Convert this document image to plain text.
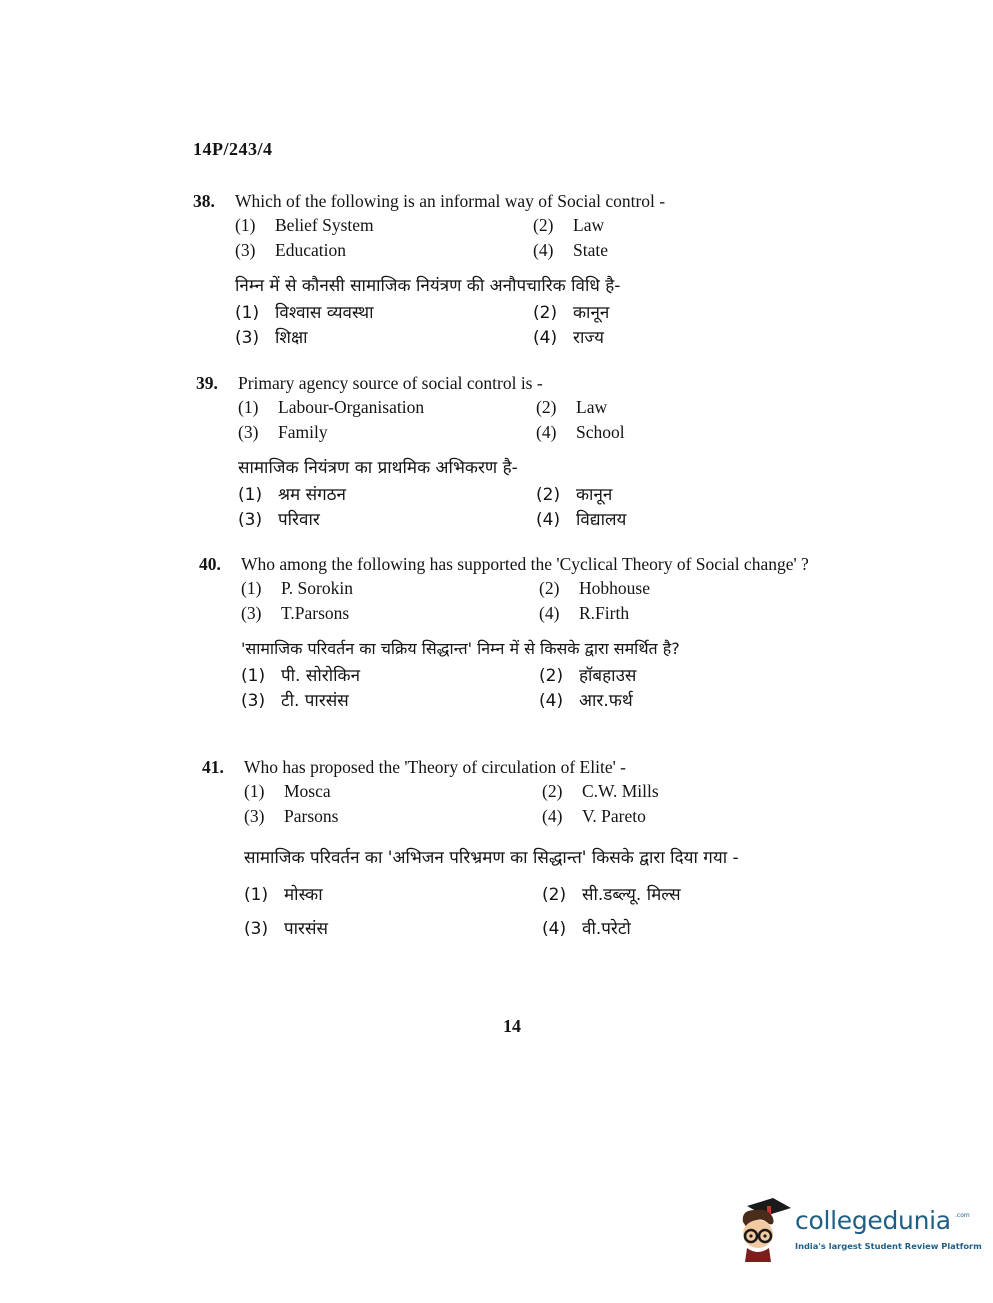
14P/243/4
38.	Which of the following is an informal way of Social control -
(1)	Belief System	(2)	Law
(3)	Education	(4)	State
निम्न में से कौनसी सामाजिक नियंत्रण की अनौपचारिक विधि है-
(1) विश्वास व्यवस्था	(2) कानून
(3) शिक्षा	(4) राज्य
39.	Primary agency source of social control is -
(1)	Labour-Organisation	(2)	Law
(3)	Family	(4)	School
सामाजिक नियंत्रण का प्राथमिक अभिकरण है-
(1) श्रम संगठन	(2) कानून
(3) परिवार	(4) विद्यालय
40.	Who among the following has supported the 'Cyclical Theory of Social change' ?
(1)	P. Sorokin	(2)	Hobhouse
(3)	T.Parsons	(4)	R.Firth
'सामाजिक परिवर्तन का चक्रिय सिद्धान्त' निम्न में से किसके द्वारा समर्थित है?
(1) पी. सोरोकिन	(2) हॉबहाउस
(3) टी. पारसंस	(4) आर.फर्थ
41.	Who has proposed the 'Theory of circulation of Elite' -
(1)	Mosca	(2)	C.W. Mills
(3)	Parsons	(4)	V. Pareto
सामाजिक परिवर्तन का 'अभिजन परिभ्रमण का सिद्धान्त' किसके द्वारा दिया गया -
(1) मोस्का	(2) सी.डब्ल्यू. मिल्स
(3) पारसंस	(4) वी.परेटो
14
collegedunia .com
India's largest Student Review Platform
